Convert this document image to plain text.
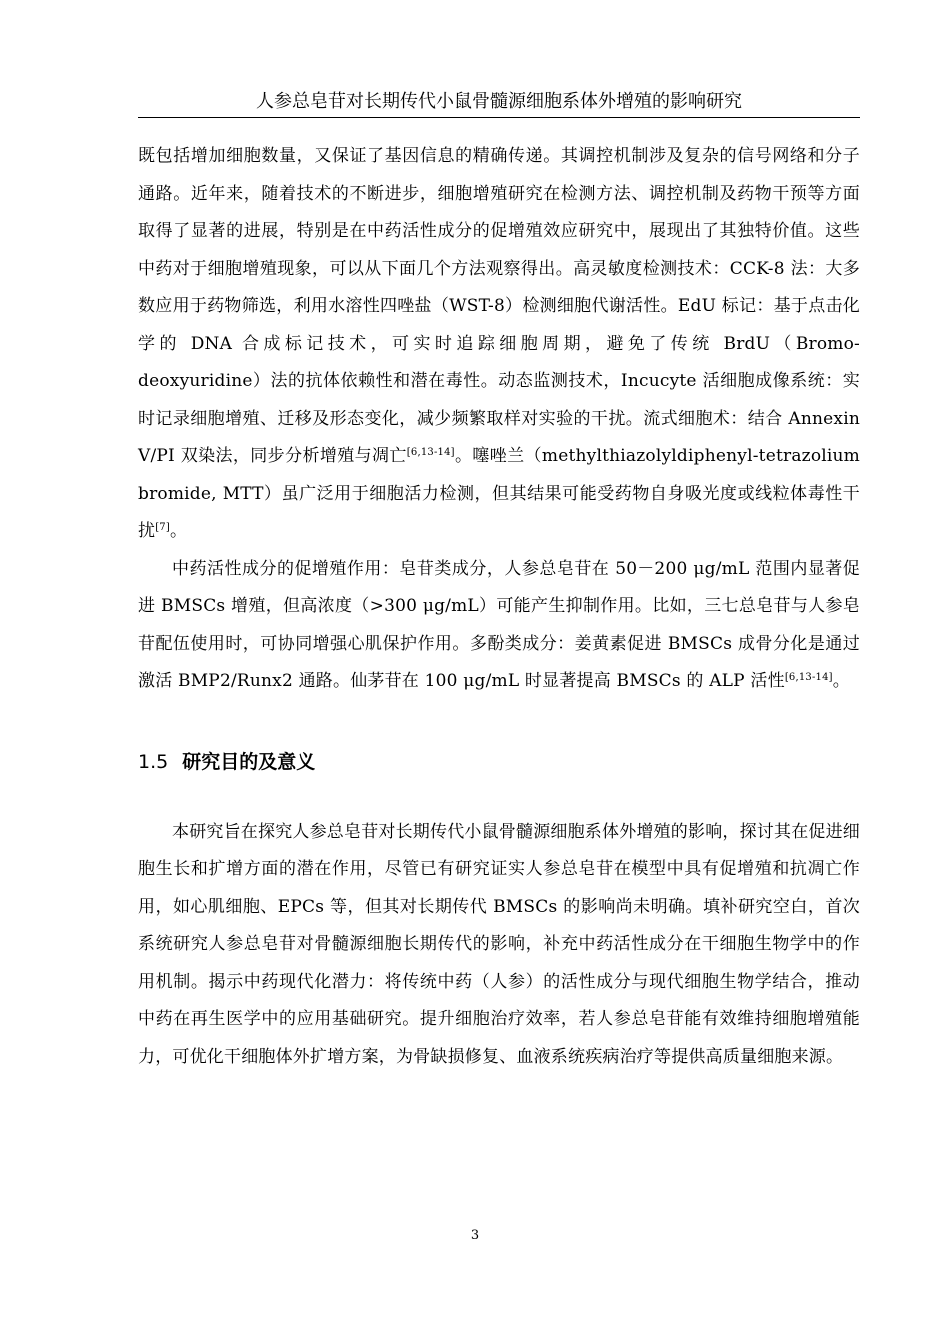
人参总皂苷对长期传代小鼠骨髓源细胞系体外增殖的影响研究

既包括增加细胞数量，又保证了基因信息的精确传递。其调控机制涉及复杂的信号网络和分子通路。近年来，随着技术的不断进步，细胞增殖研究在检测方法、调控机制及药物干预等方面取得了显著的进展，特别是在中药活性成分的促增殖效应研究中，展现出了其独特价值。这些中药对于细胞增殖现象，可以从下面几个方法观察得出。高灵敏度检测技术：CCK-8 法：大多数应用于药物筛选，利用水溶性四唑盐（WST-8）检测细胞代谢活性。EdU 标记：基于点击化学的 DNA 合成标记技术，可实时追踪细胞周期，避免了传统 BrdU（Bromo-deoxyuridine）法的抗体依赖性和潜在毒性。动态监测技术，Incucyte 活细胞成像系统：实时记录细胞增殖、迁移及形态变化，减少频繁取样对实验的干扰。流式细胞术：结合 Annexin V/PI 双染法，同步分析增殖与凋亡[6,13-14]。噻唑兰（methylthiazolyldiphenyl-tetrazolium bromide, MTT）虽广泛用于细胞活力检测，但其结果可能受药物自身吸光度或线粒体毒性干扰[7]。

中药活性成分的促增殖作用：皂苷类成分，人参总皂苷在 50－200 μg/mL 范围内显著促进 BMSCs 增殖，但高浓度（>300 μg/mL）可能产生抑制作用。比如，三七总皂苷与人参皂苷配伍使用时，可协同增强心肌保护作用。多酚类成分：姜黄素促进 BMSCs 成骨分化是通过激活 BMP2/Runx2 通路。仙茅苷在 100 μg/mL 时显著提高 BMSCs 的 ALP 活性[6,13-14]。

1.5 研究目的及意义

本研究旨在探究人参总皂苷对长期传代小鼠骨髓源细胞系体外增殖的影响，探讨其在促进细胞生长和扩增方面的潜在作用，尽管已有研究证实人参总皂苷在模型中具有促增殖和抗凋亡作用，如心肌细胞、EPCs 等，但其对长期传代 BMSCs 的影响尚未明确。填补研究空白，首次系统研究人参总皂苷对骨髓源细胞长期传代的影响，补充中药活性成分在干细胞生物学中的作用机制。揭示中药现代化潜力：将传统中药（人参）的活性成分与现代细胞生物学结合，推动中药在再生医学中的应用基础研究。提升细胞治疗效率，若人参总皂苷能有效维持细胞增殖能力，可优化干细胞体外扩增方案，为骨缺损修复、血液系统疾病治疗等提供高质量细胞来源。

3
